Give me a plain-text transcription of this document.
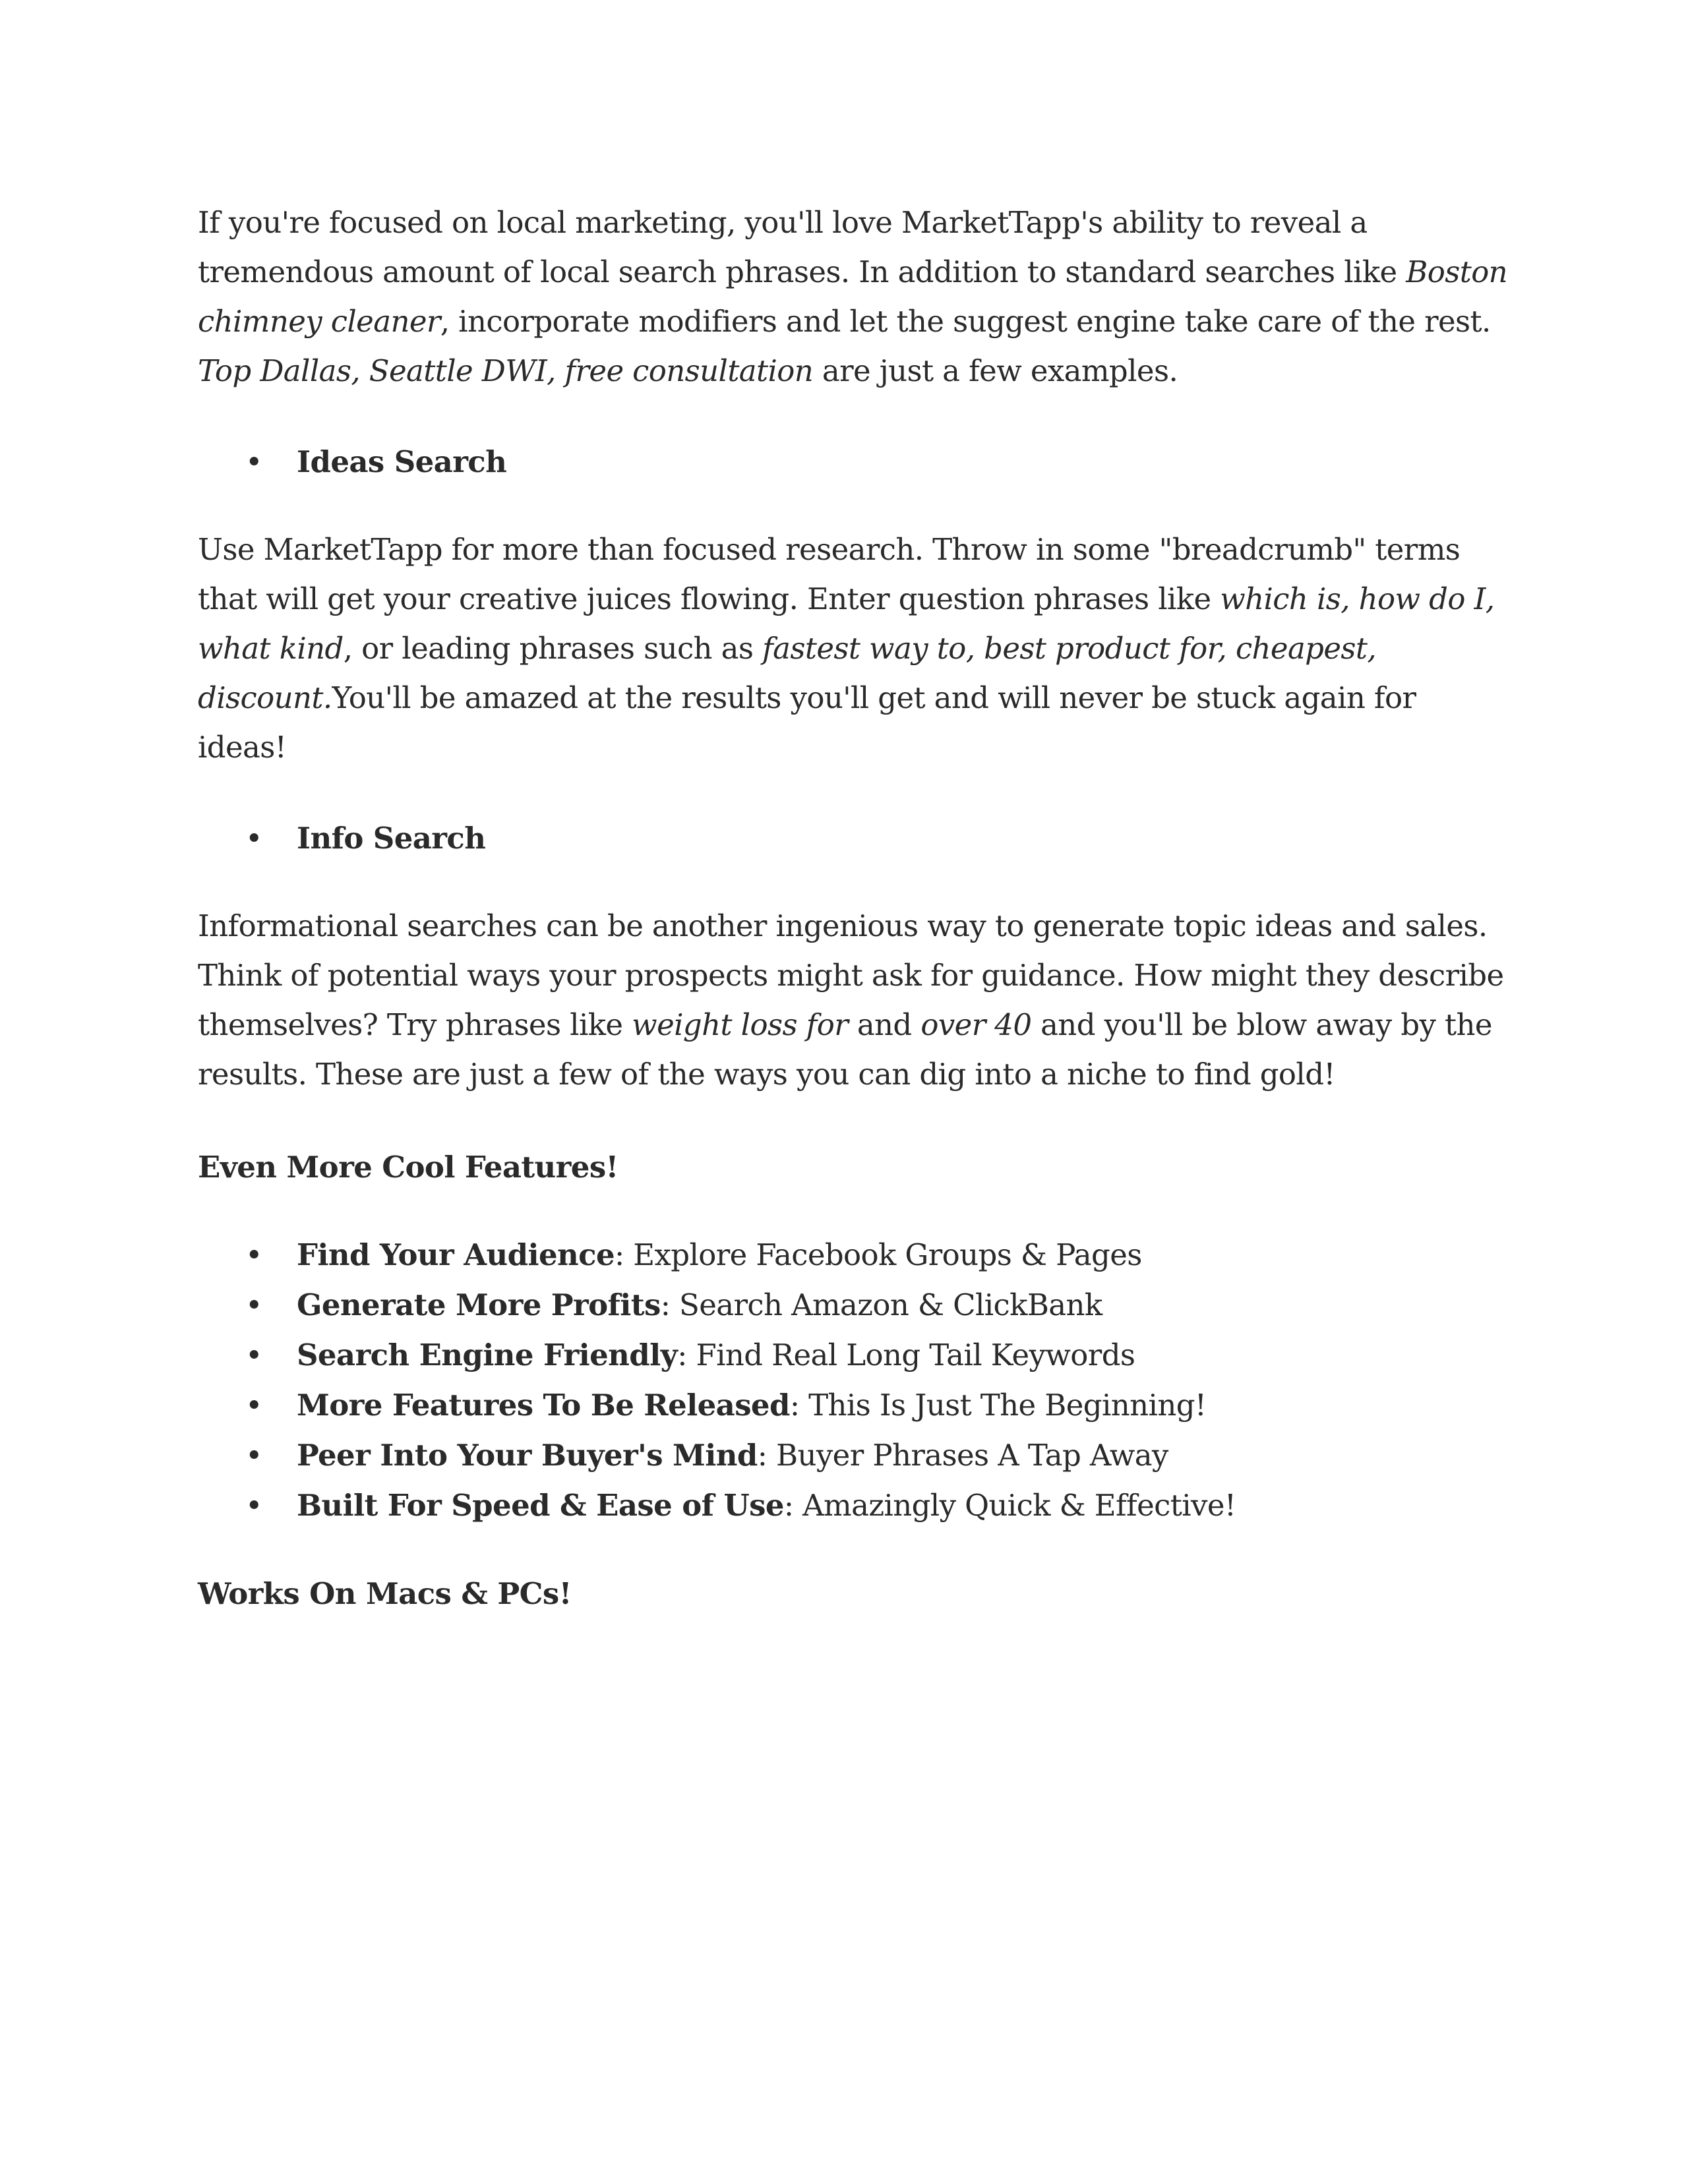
If you're focused on local marketing, you'll love MarketTapp's ability to reveal a tremendous amount of local search phrases. In addition to standard searches like Boston chimney cleaner, incorporate modifiers and let the suggest engine take care of the rest. Top Dallas, Seattle DWI, free consultation are just a few examples.

• Ideas Search

Use MarketTapp for more than focused research. Throw in some "breadcrumb" terms that will get your creative juices flowing. Enter question phrases like which is, how do I, what kind, or leading phrases such as fastest way to, best product for, cheapest, discount.You'll be amazed at the results you'll get and will never be stuck again for ideas!

• Info Search

Informational searches can be another ingenious way to generate topic ideas and sales. Think of potential ways your prospects might ask for guidance. How might they describe themselves? Try phrases like weight loss for and over 40 and you'll be blow away by the results. These are just a few of the ways you can dig into a niche to find gold!

Even More Cool Features!

• Find Your Audience: Explore Facebook Groups & Pages
• Generate More Profits: Search Amazon & ClickBank
• Search Engine Friendly: Find Real Long Tail Keywords
• More Features To Be Released: This Is Just The Beginning!
• Peer Into Your Buyer's Mind: Buyer Phrases A Tap Away
• Built For Speed & Ease of Use: Amazingly Quick & Effective!

Works On Macs & PCs!
